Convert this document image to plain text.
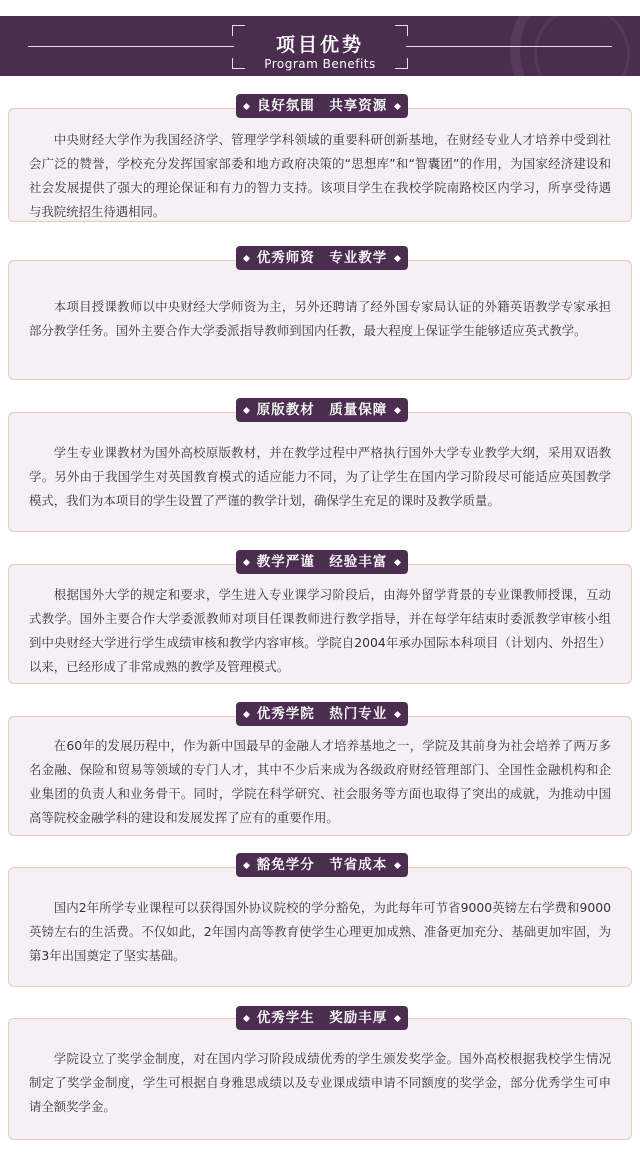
项目优势
Program Benefits

中央财经大学作为我国经济学、管理学学科领域的重要科研创新基地，在财经专业人才培养中受到社会广泛的赞誉，学校充分发挥国家部委和地方政府决策的“思想库”和“智囊团”的作用，为国家经济建设和社会发展提供了强大的理论保证和有力的智力支持。该项目学生在我校学院南路校区内学习，所享受待遇与我院统招生待遇相同。

良好氛围　共享资源

本项目授课教师以中央财经大学师资为主，另外还聘请了经外国专家局认证的外籍英语教学专家承担部分教学任务。国外主要合作大学委派指导教师到国内任教，最大程度上保证学生能够适应英式教学。

优秀师资　专业教学

学生专业课教材为国外高校原版教材，并在教学过程中严格执行国外大学专业教学大纲，采用双语教学。另外由于我国学生对英国教育模式的适应能力不同，为了让学生在国内学习阶段尽可能适应英国教学模式，我们为本项目的学生设置了严谨的教学计划，确保学生充足的课时及教学质量。

原版教材　质量保障

根据国外大学的规定和要求，学生进入专业课学习阶段后，由海外留学背景的专业课教师授课，互动式教学。国外主要合作大学委派教师对项目任课教师进行教学指导，并在每学年结束时委派教学审核小组到中央财经大学进行学生成绩审核和教学内容审核。学院自2004年承办国际本科项目（计划内、外招生）以来，已经形成了非常成熟的教学及管理模式。

教学严谨　经验丰富

在60年的发展历程中，作为新中国最早的金融人才培养基地之一，学院及其前身为社会培养了两万多名金融、保险和贸易等领域的专门人才，其中不少后来成为各级政府财经管理部门、全国性金融机构和企业集团的负责人和业务骨干。同时，学院在科学研究、社会服务等方面也取得了突出的成就，为推动中国高等院校金融学科的建设和发展发挥了应有的重要作用。

优秀学院　热门专业

国内2年所学专业课程可以获得国外协议院校的学分豁免，为此每年可节省9000英镑左右学费和9000英镑左右的生活费。不仅如此，2年国内高等教育使学生心理更加成熟、准备更加充分、基础更加牢固，为第3年出国奠定了坚实基础。

豁免学分　节省成本

学院设立了奖学金制度，对在国内学习阶段成绩优秀的学生颁发奖学金。国外高校根据我校学生情况制定了奖学金制度，学生可根据自身雅思成绩以及专业课成绩申请不同额度的奖学金，部分优秀学生可申请全额奖学金。

优秀学生　奖励丰厚
